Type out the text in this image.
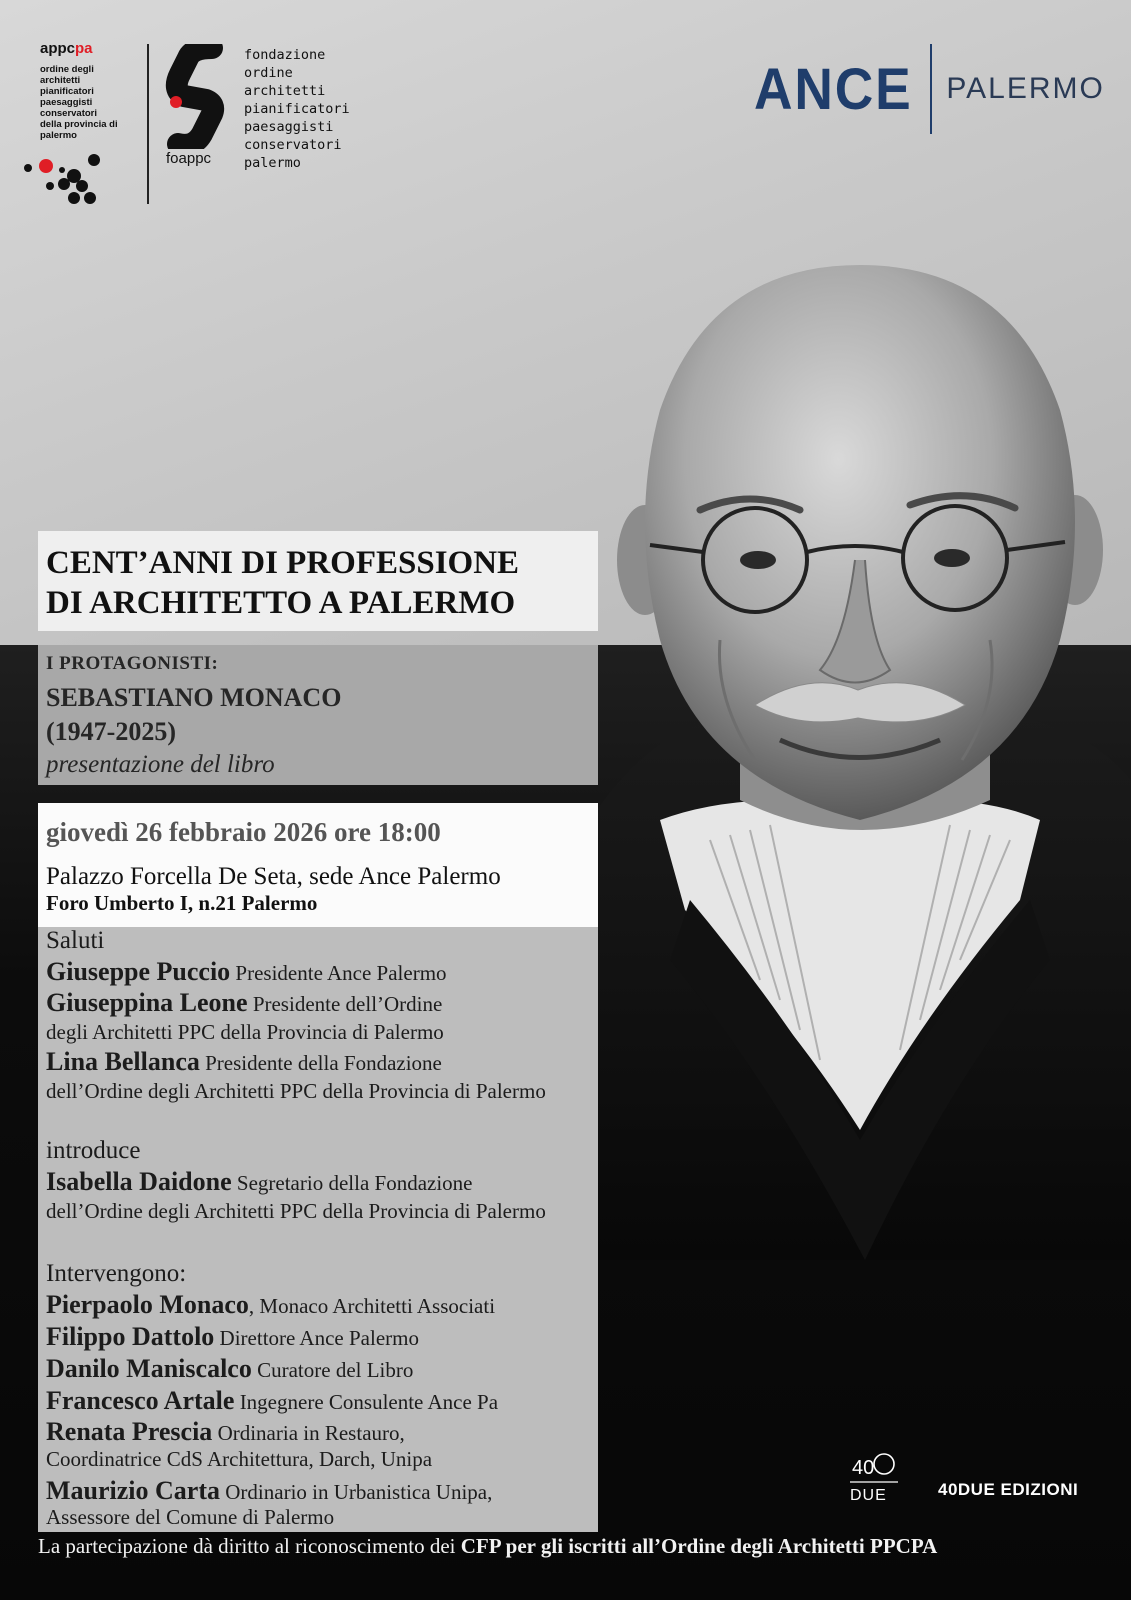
appcpa
ordine degli
architetti
pianificatori
paesaggisti
conservatori
della provincia di
palermo
foappc
fondazione
ordine
architetti
pianificatori
paesaggisti
conservatori
palermo
ANCE PALERMO
CENT’ANNI DI PROFESSIONE
DI ARCHITETTO A PALERMO
I PROTAGONISTI:
SEBASTIANO MONACO
(1947-2025)
presentazione del libro
giovedì 26 febbraio 2026 ore 18:00
Palazzo Forcella De Seta, sede Ance Palermo
Foro Umberto I, n.21 Palermo
Saluti
Giuseppe Puccio Presidente Ance Palermo
Giuseppina Leone Presidente dell’Ordine
degli Architetti PPC della Provincia di Palermo
Lina Bellanca Presidente della Fondazione
dell’Ordine degli Architetti PPC della Provincia di Palermo
introduce
Isabella Daidone Segretario della Fondazione
dell’Ordine degli Architetti PPC della Provincia di Palermo
Intervengono:
Pierpaolo Monaco, Monaco Architetti Associati
Filippo Dattolo Direttore Ance Palermo
Danilo Maniscalco Curatore del Libro
Francesco Artale Ingegnere Consulente Ance Pa
Renata Prescia Ordinaria in Restauro,
Coordinatrice CdS Architettura, Darch, Unipa
Maurizio Carta Ordinario in Urbanistica Unipa,
Assessore del Comune di Palermo
La partecipazione dà diritto al riconoscimento dei CFP per gli iscritti all’Ordine degli Architetti PPCPA
40
DUE	40DUE EDIZIONI
